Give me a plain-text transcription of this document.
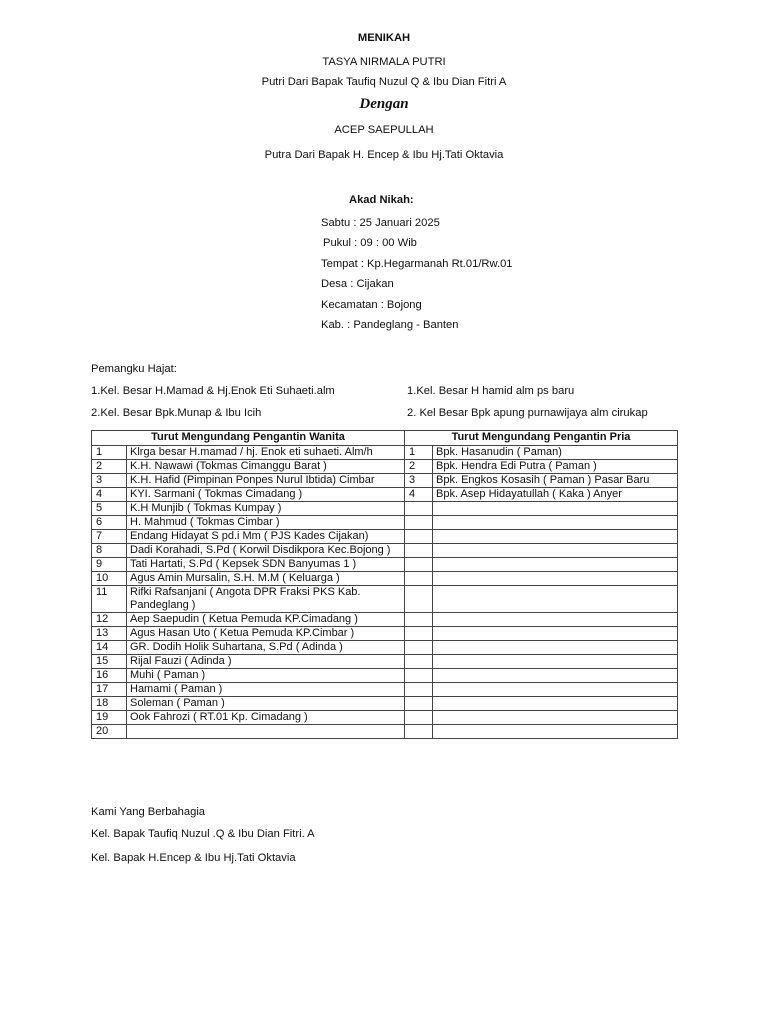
MENIKAH
TASYA NIRMALA PUTRI
Putri Dari Bapak Taufiq Nuzul Q & Ibu Dian Fitri A
Dengan
ACEP SAEPULLAH
Putra Dari Bapak H. Encep & Ibu Hj.Tati Oktavia
Akad Nikah:
Sabtu : 25 Januari 2025
Pukul : 09 : 00 Wib
Tempat : Kp.Hegarmanah Rt.01/Rw.01
Desa : Cijakan
Kecamatan : Bojong
Kab. : Pandeglang - Banten
Pemangku Hajat:
1.Kel. Besar H.Mamad & Hj.Enok Eti Suhaeti.alm	1.Kel. Besar H hamid alm ps baru
2.Kel. Besar Bpk.Munap & Ibu Icih	2. Kel Besar Bpk apung purnawijaya alm cirukap
Turut Mengundang Pengantin Wanita		Turut Mengundang Pengantin Pria	
1	Klrga besar H.mamad / hj. Enok eti suhaeti. Alm/h	1	Bpk. Hasanudin ( Paman)
2	K.H. Nawawi (Tokmas Cimanggu Barat )	2	Bpk. Hendra Edi Putra ( Paman )
3	K.H. Hafid (Pimpinan Ponpes Nurul Ibtida) Cimbar	3	Bpk. Engkos Kosasih ( Paman ) Pasar Baru
4	KYI. Sarmani ( Tokmas Cimadang )	4	Bpk. Asep Hidayatullah ( Kaka ) Anyer
5	K.H Munjib ( Tokmas Kumpay )		
6	H. Mahmud ( Tokmas Cimbar )		
7	Endang Hidayat S pd.i Mm ( PJS Kades Cijakan)		
8	Dadi Korahadi, S.Pd ( Korwil Disdikpora Kec.Bojong )		
9	Tati Hartati, S.Pd ( Kepsek SDN Banyumas 1 )		
10	Agus Amin Mursalin, S.H. M.M ( Keluarga )		
11	Rifki Rafsanjani ( Angota DPR Fraksi PKS Kab. Pandeglang )		
12	Aep Saepudin ( Ketua Pemuda KP.Cimadang )		
13	Agus Hasan Uto ( Ketua Pemuda KP.Cimbar )		
14	GR. Dodih Holik Suhartana, S.Pd ( Adinda )		
15	Rijal Fauzi ( Adinda )		
16	Muhi ( Paman )		
17	Hamami ( Paman )		
18	Soleman ( Paman )		
19	Ook Fahrozi ( RT.01 Kp. Cimadang )		
20			
Kami Yang Berbahagia
Kel. Bapak Taufiq Nuzul .Q & Ibu Dian Fitri. A
Kel. Bapak H.Encep & Ibu Hj.Tati Oktavia
